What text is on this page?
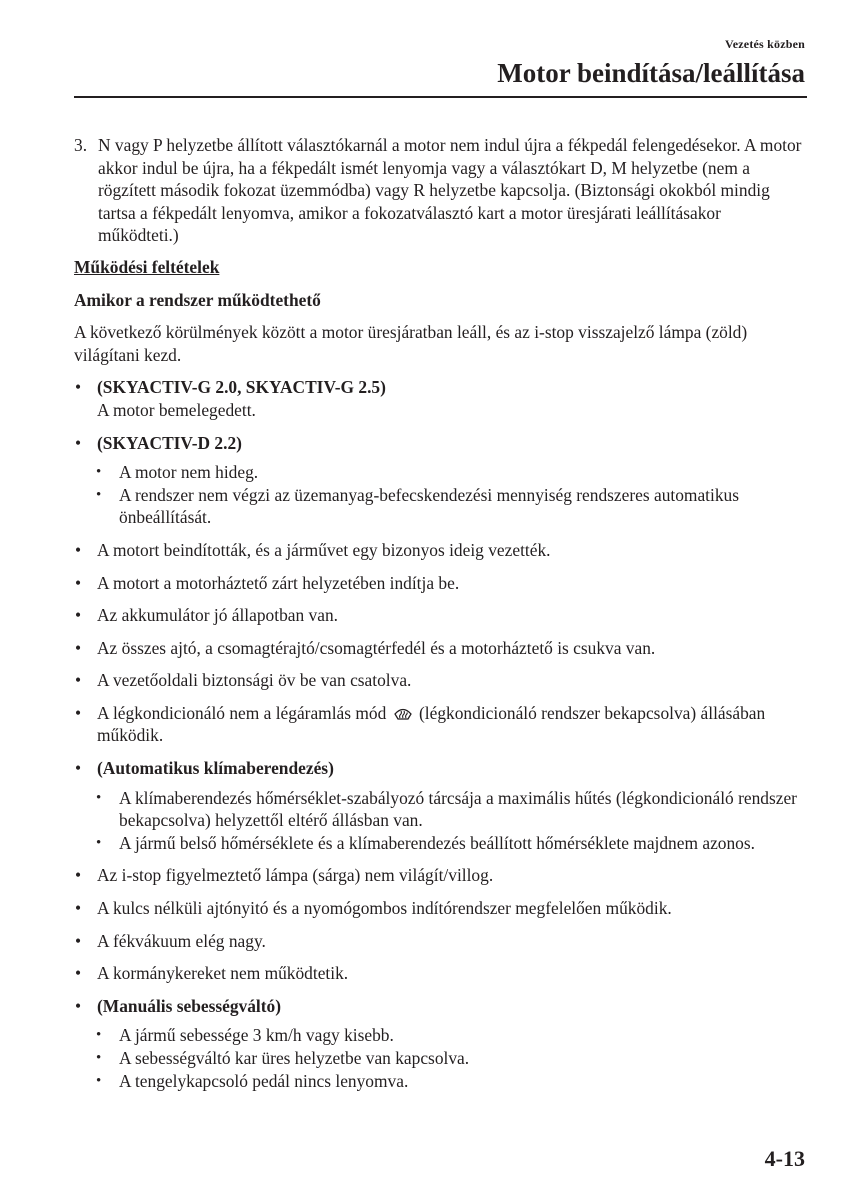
Vezetés közben
Motor beindítása/leállítása
3. N vagy P helyzetbe állított választókarnál a motor nem indul újra a fékpedál felengedésekor. A motor akkor indul be újra, ha a fékpedált ismét lenyomja vagy a választókart D, M helyzetbe (nem a rögzített második fokozat üzemmódba) vagy R helyzetbe kapcsolja. (Biztonsági okokból mindig tartsa a fékpedált lenyomva, amikor a fokozatválasztó kart a motor üresjárati leállításakor működteti.)
Működési feltételek
Amikor a rendszer működtethető
A következő körülmények között a motor üresjáratban leáll, és az i-stop visszajelző lámpa (zöld) világítani kezd.
• (SKYACTIV-G 2.0, SKYACTIV-G 2.5)
A motor bemelegedett.
• (SKYACTIV-D 2.2)
• A motor nem hideg.
• A rendszer nem végzi az üzemanyag-befecskendezési mennyiség rendszeres automatikus önbeállítását.
• A motort beindították, és a járművet egy bizonyos ideig vezették.
• A motort a motorháztető zárt helyzetében indítja be.
• Az akkumulátor jó állapotban van.
• Az összes ajtó, a csomagtérajtó/csomagtérfedél és a motorháztető is csukva van.
• A vezetőoldali biztonsági öv be van csatolva.
• A légkondicionáló nem a légáramlás mód (légkondicionáló rendszer bekapcsolva) állásában működik.
• (Automatikus klímaberendezés)
• A klímaberendezés hőmérséklet-szabályozó tárcsája a maximális hűtés (légkondicionáló rendszer bekapcsolva) helyzettől eltérő állásban van.
• A jármű belső hőmérséklete és a klímaberendezés beállított hőmérséklete majdnem azonos.
• Az i-stop figyelmeztető lámpa (sárga) nem világít/villog.
• A kulcs nélküli ajtónyitó és a nyomógombos indítórendszer megfelelően működik.
• A fékvákuum elég nagy.
• A kormánykereket nem működtetik.
• (Manuális sebességváltó)
• A jármű sebessége 3 km/h vagy kisebb.
• A sebességváltó kar üres helyzetbe van kapcsolva.
• A tengelykapcsoló pedál nincs lenyomva.
4-13
